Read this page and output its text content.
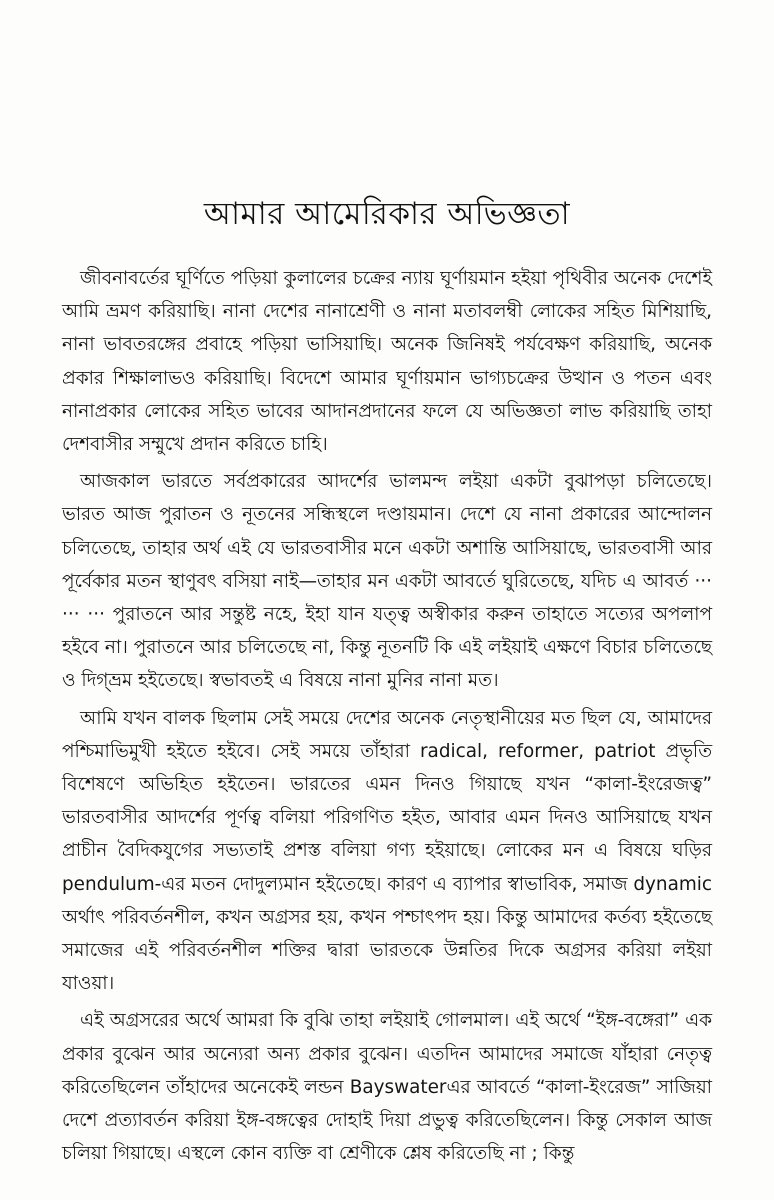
আমার আমেরিকার অভিজ্ঞতা

জীবনাবর্তের ঘূর্ণিতে পড়িয়া কুলালের চক্রের ন্যায় ঘূর্ণায়মান হইয়া পৃথিবীর অনেক দেশেই আমি ভ্রমণ করিয়াছি। নানা দেশের নানাশ্রেণী ও নানা মতাবলম্বী লোকের সহিত মিশিয়াছি, নানা ভাবতরঙ্গের প্রবাহে পড়িয়া ভাসিয়াছি। অনেক জিনিষই পর্যবেক্ষণ করিয়াছি, অনেক প্রকার শিক্ষালাভও করিয়াছি। বিদেশে আমার ঘূর্ণায়মান ভাগ্যচক্রের উত্থান ও পতন এবং নানাপ্রকার লোকের সহিত ভাবের আদানপ্রদানের ফলে যে অভিজ্ঞতা লাভ করিয়াছি তাহা দেশবাসীর সম্মুখে প্রদান করিতে চাহি।

আজকাল ভারতে সর্বপ্রকারের আদর্শের ভালমন্দ লইয়া একটা বুঝাপড়া চলিতেছে। ভারত আজ পুরাতন ও নূতনের সন্ধিস্থলে দণ্ডায়মান। দেশে যে নানা প্রকারের আন্দোলন চলিতেছে, তাহার অর্থ এই যে ভারতবাসীর মনে একটা অশান্তি আসিয়াছে, ভারতবাসী আর পূর্বেকার মতন স্থাণুবৎ বসিয়া নাই—তাহার মন একটা আবর্তে ঘুরিতেছে, যদিচ এ আবর্ত ··· ··· ··· পুরাতনে আর সন্তুষ্ট নহে, ইহা যান যত্ত্ব অস্বীকার করুন তাহাতে সত্যের অপলাপ হইবে না। পুরাতনে আর চলিতেছে না, কিন্তু নূতনটি কি এই লইয়াই এক্ষণে বিচার চলিতেছে ও দিগ্‌ভ্রম হইতেছে। স্বভাবতই এ বিষয়ে নানা মুনির নানা মত।

আমি যখন বালক ছিলাম সেই সময়ে দেশের অনেক নেতৃস্থানীয়ের মত ছিল যে, আমাদের পশ্চিমাভিমুখী হইতে হইবে। সেই সময়ে তাঁহারা radical, reformer, patriot প্রভৃতি বিশেষণে অভিহিত হইতেন। ভারতের এমন দিনও গিয়াছে যখন “কালা-ইংরেজত্ব” ভারতবাসীর আদর্শের পূর্ণত্ব বলিয়া পরিগণিত হইত, আবার এমন দিনও আসিয়াছে যখন প্রাচীন বৈদিকযুগের সভ্যতাই প্রশস্ত বলিয়া গণ্য হইয়াছে। লোকের মন এ বিষয়ে ঘড়ির pendulum-এর মতন দোদুল্যমান হইতেছে। কারণ এ ব্যাপার স্বাভাবিক, সমাজ dynamic অর্থাৎ পরিবর্তনশীল, কখন অগ্রসর হয়, কখন পশ্চাৎপদ হয়। কিন্তু আমাদের কর্তব্য হইতেছে সমাজের এই পরিবর্তনশীল শক্তির দ্বারা ভারতকে উন্নতির দিকে অগ্রসর করিয়া লইয়া যাওয়া।

এই অগ্রসরের অর্থে আমরা কি বুঝি তাহা লইয়াই গোলমাল। এই অর্থে “ইঙ্গ-বঙ্গেরা” এক প্রকার বুঝেন আর অন্যেরা অন্য প্রকার বুঝেন। এতদিন আমাদের সমাজে যাঁহারা নেতৃত্ব করিতেছিলেন তাঁহাদের অনেকেই লন্ডন Bayswaterএর আবর্তে “কালা-ইংরেজ” সাজিয়া দেশে প্রত্যাবর্তন করিয়া ইঙ্গ-বঙ্গত্বের দোহাই দিয়া প্রভুত্ব করিতেছিলেন। কিন্তু সেকাল আজ চলিয়া গিয়াছে। এস্থলে কোন ব্যক্তি বা শ্রেণীকে শ্লেষ করিতেছি না ; কিন্তু
